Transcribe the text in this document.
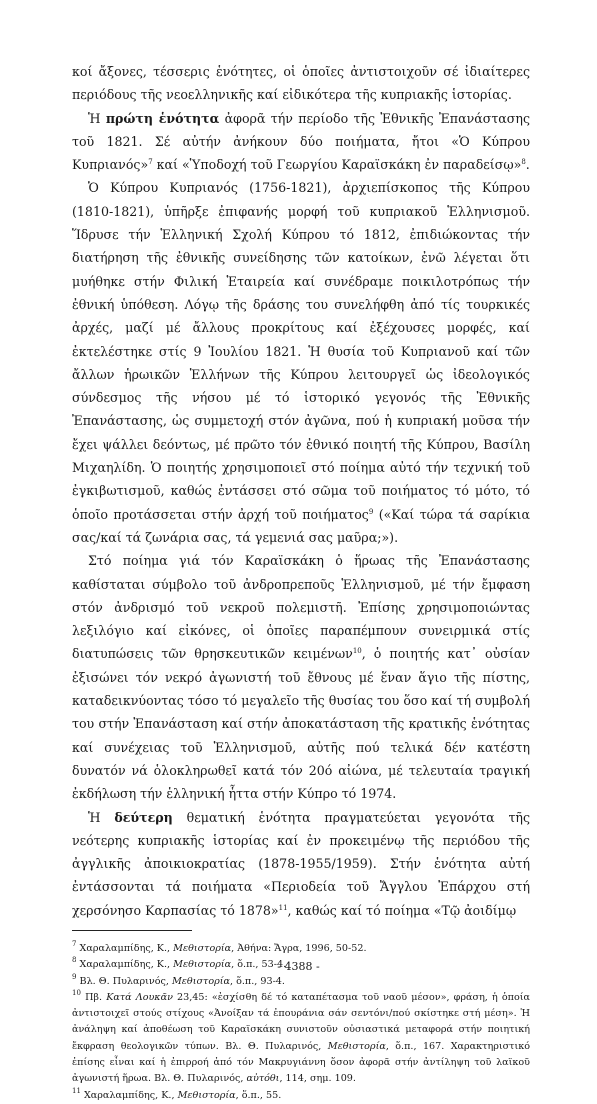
κοί ἄξονες, τέσσερις ἑνότητες, οἱ ὁποῖες ἀντιστοιχοῦν σέ ἰδιαίτερες περιόδους τῆς νεοελληνικῆς καί εἰδικότερα τῆς κυπριακῆς ἱστορίας.

Ἡ πρώτη ἑνότητα ἀφορᾶ τήν περίοδο τῆς Ἐθνικῆς Ἐπανάστασης τοῦ 1821. Σέ αὐτήν ἀνήκουν δύο ποιήματα, ἤτοι «Ὁ Κύπρου Κυπριανός»$^7$ καί «Ὑποδοχή τοῦ Γεωργίου Καραϊσκάκη ἐν παραδείσῳ»$^8$.

Ὁ Κύπρου Κυπριανός (1756-1821), ἀρχιεπίσκοπος τῆς Κύπρου (1810-1821), ὑπῆρξε ἐπιφανής μορφή τοῦ κυπριακοῦ Ἑλληνισμοῦ. Ἵδρυσε τήν Ἑλληνική Σχολή Κύπρου τό 1812, ἐπιδιώκοντας τήν διατήρηση τῆς ἐθνικῆς συνείδησης τῶν κατοίκων, ἐνῶ λέγεται ὅτι μυήθηκε στήν Φιλική Ἑταιρεία καί συνέδραμε ποικιλοτρόπως τήν ἐθνική ὑπόθεση. Λόγῳ τῆς δράσης του συνελήφθη ἀπό τίς τουρκικές ἀρχές, μαζί μέ ἄλλους προκρίτους καί ἐξέχουσες μορφές, καί ἐκτελέστηκε στίς 9 Ἰουλίου 1821. Ἡ θυσία τοῦ Κυπριανοῦ καί τῶν ἄλλων ἡρωικῶν Ἑλλήνων τῆς Κύπρου λειτουργεῖ ὡς ἰδεολογικός σύνδεσμος τῆς νήσου μέ τό ἱστορικό γεγονός τῆς Ἐθνικῆς Ἐπανάστασης, ὡς συμμετοχή στόν ἀγῶνα, πού ἡ κυπριακή μοῦσα τήν ἔχει ψάλλει δεόντως, μέ πρῶτο τόν ἐθνικό ποιητή τῆς Κύπρου, Βασίλη Μιχαηλίδη. Ὁ ποιητής χρησιμοποιεῖ στό ποίημα αὐτό τήν τεχνική τοῦ ἐγκιβωτισμοῦ, καθώς ἐντάσσει στό σῶμα τοῦ ποιήματος τό μότο, τό ὁποῖο προτάσσεται στήν ἀρχή τοῦ ποιήματος$^9$ («Καί τώρα τά σαρίκια σας/καί τά ζωνάρια σας, τά γεμενιά σας μαῦρα;»).

Στό ποίημα γιά τόν Καραϊσκάκη ὁ ἥρωας τῆς Ἐπανάστασης καθίσταται σύμβολο τοῦ ἀνδροπρεποῦς Ἑλληνισμοῦ, μέ τήν ἔμφαση στόν ἀνδρισμό τοῦ νεκροῦ πολεμιστῆ. Ἐπίσης χρησιμοποιώντας λεξιλόγιο καί εἰκόνες, οἱ ὁποῖες παραπέμπουν συνειρμικά στίς διατυπώσεις τῶν θρησκευτικῶν κειμένων$^{10}$, ὁ ποιητής κατ᾽ οὐσίαν ἐξισώνει τόν νεκρό ἀγωνιστή τοῦ ἔθνους μέ ἕναν ἅγιο τῆς πίστης, καταδεικνύοντας τόσο τό μεγαλεῖο τῆς θυσίας του ὅσο καί τή συμβολή του στήν Ἐπανάσταση καί στήν ἀποκατάσταση τῆς κρατικῆς ἑνότητας καί συνέχειας τοῦ Ἑλληνισμοῦ, αὐτῆς πού τελικά δέν κατέστη δυνατόν νά ὁλοκληρωθεῖ κατά τόν 20ό αἰώνα, μέ τελευταία τραγική ἐκδήλωση τήν ἑλληνική ἧττα στήν Κύπρο τό 1974.

Ἡ δεύτερη θεματική ἑνότητα πραγματεύεται γεγονότα τῆς νεότερης κυπριακῆς ἱστορίας καί ἐν προκειμένῳ τῆς περιόδου τῆς ἀγγλικῆς ἀποικιοκρατίας (1878-1955/1959). Στήν ἑνότητα αὐτή ἐντάσσονται τά ποιήματα «Περιοδεία τοῦ Ἄγγλου Ἐπάρχου στή χερσόνησο Καρπασίας τό 1878»$^{11}$, καθώς καί τό ποίημα «Τῷ ἀοιδίμῳ

$^7$ Χαραλαμπίδης, Κ., Μεθιστορία, Ἀθήνα: Ἄγρα, 1996, 50-52.

$^8$ Χαραλαμπίδης, Κ., Μεθιστορία, ὅ.π., 53-4.

$^9$ Βλ. Θ. Πυλαρινός, Μεθιστορία, ὅ.π., 93-4.

$^{10}$ Πβ. Κατά Λουκᾶν 23,45: «ἐσχίσθη δέ τό καταπέτασμα τοῦ ναοῦ μέσον», φράση, ἡ ὁποία ἀντιστοιχεῖ στούς στίχους «Ἀνοίξαν τά ἐπουράνια σάν σεντόνι/πού σκίστηκε στή μέση». Ἡ ἀνάληψη καί ἀποθέωση τοῦ Καραϊσκάκη συνιστοῦν οὐσιαστικά μεταφορά στήν ποιητική ἔκφραση θεολογικῶν τύπων. Βλ. Θ. Πυλαρινός, Μεθιστορία, ὅ.π., 167. Χαρακτηριστικό ἐπίσης εἶναι καί ἡ ἐπιρροή ἀπό τόν Μακρυγιάννη ὅσον ἀφορᾶ στήν ἀντίληψη τοῦ λαϊκοῦ ἀγωνιστή ἥρωα. Βλ. Θ. Πυλαρινός, αὐτόθι, 114, σημ. 109.

$^{11}$ Χαραλαμπίδης, Κ., Μεθιστορία, ὅ.π., 55.

- 4388 -
